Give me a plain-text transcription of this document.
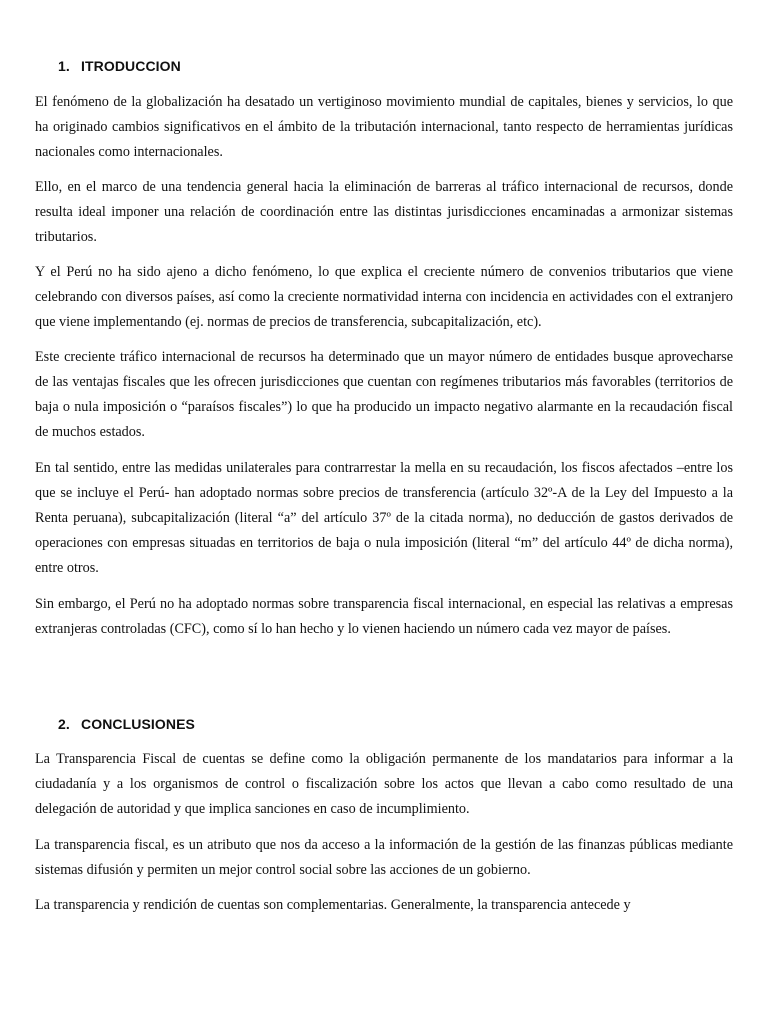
1. ITRODUCCION

El fenómeno de la globalización ha desatado un vertiginoso movimiento mundial de capitales, bienes y servicios, lo que ha originado cambios significativos en el ámbito de la tributación internacional, tanto respecto de herramientas jurídicas nacionales como internacionales.

Ello, en el marco de una tendencia general hacia la eliminación de barreras al tráfico internacional de recursos, donde resulta ideal imponer una relación de coordinación entre las distintas jurisdicciones encaminadas a armonizar sistemas tributarios.

Y el Perú no ha sido ajeno a dicho fenómeno, lo que explica el creciente número de convenios tributarios que viene celebrando con diversos países, así como la creciente normatividad interna con incidencia en actividades con el extranjero que viene implementando (ej. normas de precios de transferencia, subcapitalización, etc).

Este creciente tráfico internacional de recursos ha determinado que un mayor número de entidades busque aprovecharse de las ventajas fiscales que les ofrecen jurisdicciones que cuentan con regímenes tributarios más favorables (territorios de baja o nula imposición o “paraísos fiscales”) lo que ha producido un impacto negativo alarmante en la recaudación fiscal de muchos estados.

En tal sentido, entre las medidas unilaterales para contrarrestar la mella en su recaudación, los fiscos afectados –entre los que se incluye el Perú- han adoptado normas sobre precios de transferencia (artículo 32º-A de la Ley del Impuesto a la Renta peruana), subcapitalización (literal “a” del artículo 37º de la citada norma), no deducción de gastos derivados de operaciones con empresas situadas en territorios de baja o nula imposición (literal “m” del artículo 44º de dicha norma), entre otros.

Sin embargo, el Perú no ha adoptado normas sobre transparencia fiscal internacional, en especial las relativas a empresas extranjeras controladas (CFC), como sí lo han hecho y lo vienen haciendo un número cada vez mayor de países.

2. CONCLUSIONES

La Transparencia Fiscal de cuentas se define como la obligación permanente de los mandatarios para informar a la ciudadanía y a los organismos de control o fiscalización sobre los actos que llevan a cabo como resultado de una delegación de autoridad y que implica sanciones en caso de incumplimiento.

La transparencia fiscal, es un atributo que nos da acceso a la información de la gestión de las finanzas públicas mediante sistemas difusión y permiten un mejor control social sobre las acciones de un gobierno.

La transparencia y rendición de cuentas son complementarias. Generalmente, la transparencia antecede y
